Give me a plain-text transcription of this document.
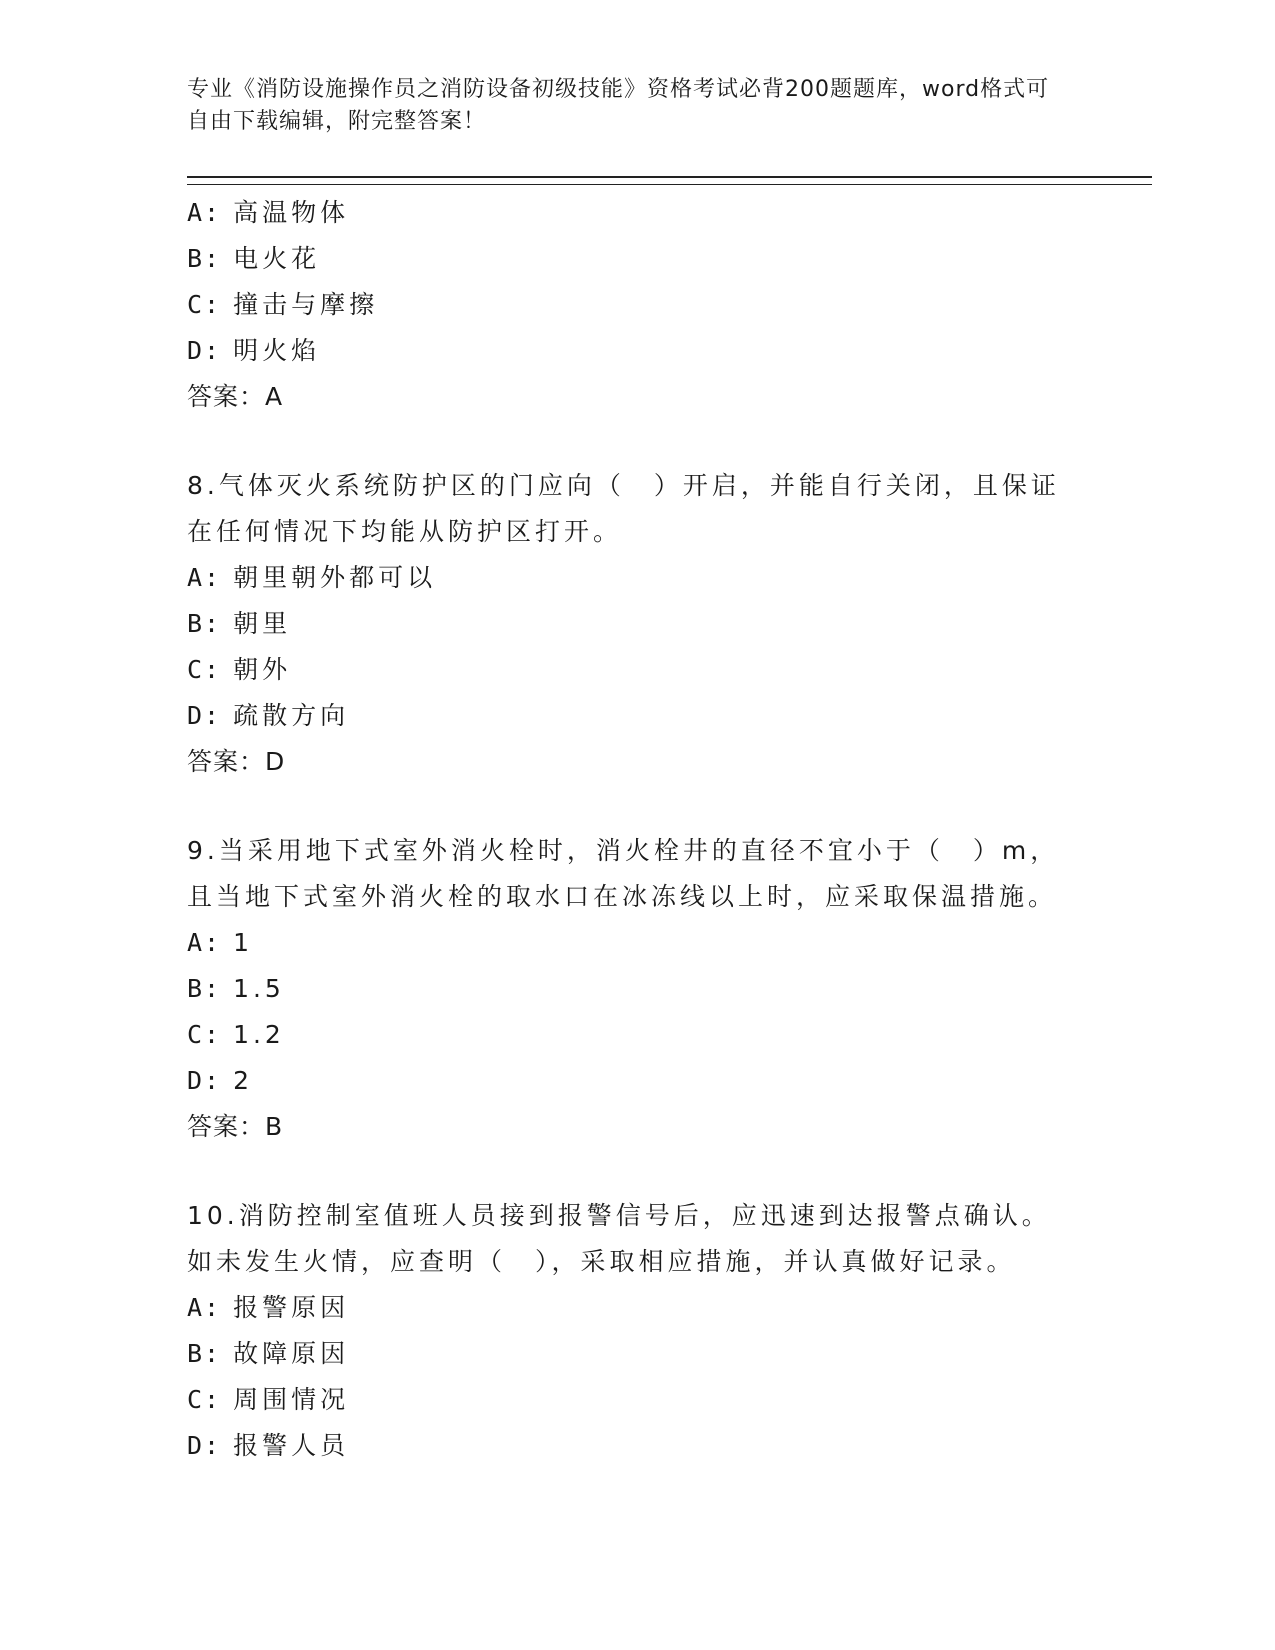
专业《消防设施操作员之消防设备初级技能》资格考试必背200题题库，word格式可自由下载编辑，附完整答案！
A: 高温物体
B: 电火花
C: 撞击与摩擦
D: 明火焰
答案：A
8.气体灭火系统防护区的门应向（　）开启，并能自行关闭，且保证在任何情况下均能从防护区打开。
A: 朝里朝外都可以
B: 朝里
C: 朝外
D: 疏散方向
答案：D
9.当采用地下式室外消火栓时，消火栓井的直径不宜小于（　）m，且当地下式室外消火栓的取水口在冰冻线以上时，应采取保温措施。
A: 1
B: 1.5
C: 1.2
D: 2
答案：B
10.消防控制室值班人员接到报警信号后，应迅速到达报警点确认。如未发生火情，应查明（　），采取相应措施，并认真做好记录。
A: 报警原因
B: 故障原因
C: 周围情况
D: 报警人员
